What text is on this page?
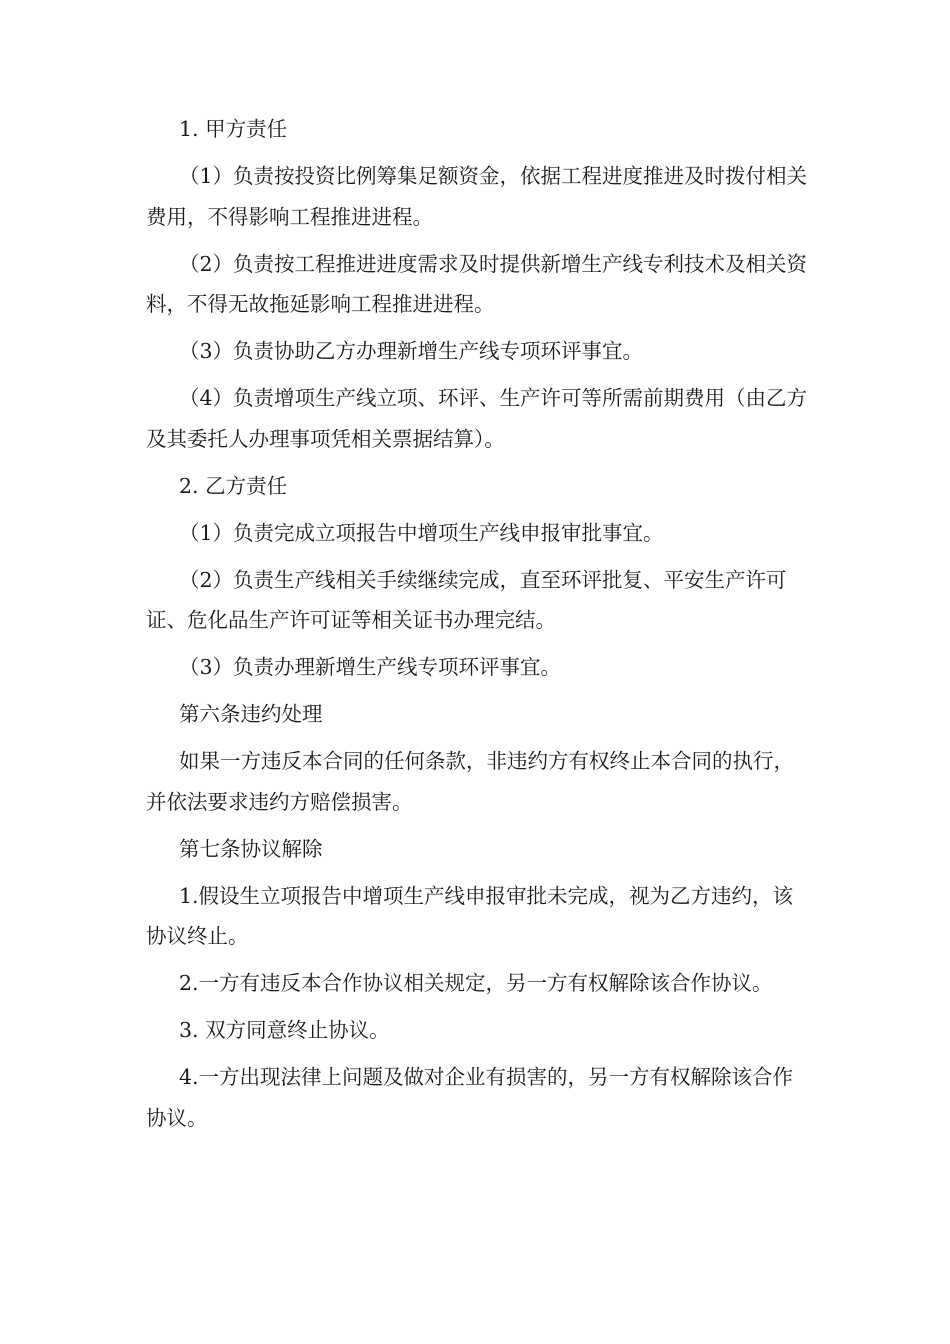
1. 甲方责任

（1）负责按投资比例筹集足额资金，依据工程进度推进及时拨付相关费用，不得影响工程推进进程。

（2）负责按工程推进进度需求及时提供新增生产线专利技术及相关资料，不得无故拖延影响工程推进进程。

（3）负责协助乙方办理新增生产线专项环评事宜。

（4）负责增项生产线立项、环评、生产许可等所需前期费用（由乙方及其委托人办理事项凭相关票据结算）。

2. 乙方责任

（1）负责完成立项报告中增项生产线申报审批事宜。

（2）负责生产线相关手续继续完成，直至环评批复、平安生产许可证、危化品生产许可证等相关证书办理完结。

（3）负责办理新增生产线专项环评事宜。

第六条违约处理

如果一方违反本合同的任何条款，非违约方有权终止本合同的执行，并依法要求违约方赔偿损害。

第七条协议解除

1.假设生立项报告中增项生产线申报审批未完成，视为乙方违约，该协议终止。

2.一方有违反本合作协议相关规定，另一方有权解除该合作协议。

3. 双方同意终止协议。

4.一方出现法律上问题及做对企业有损害的，另一方有权解除该合作协议。
